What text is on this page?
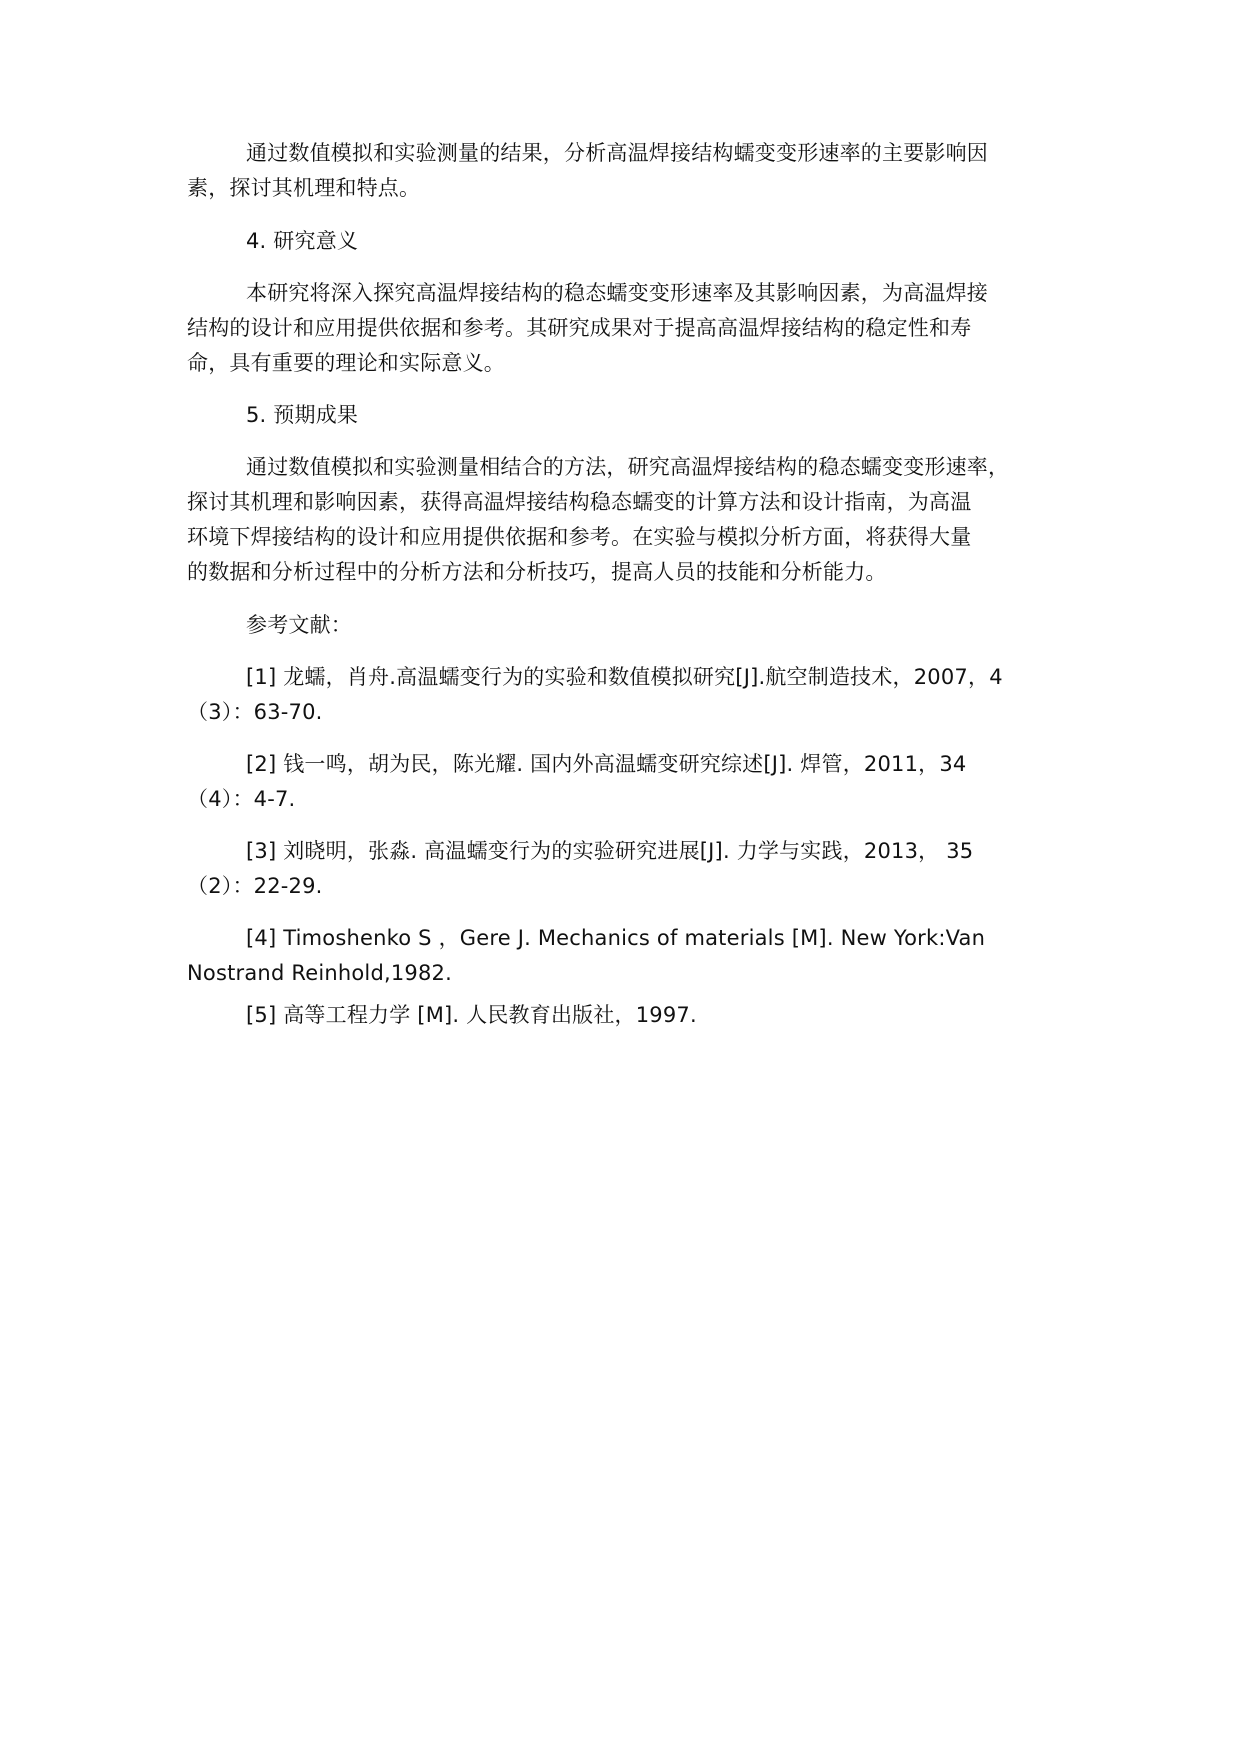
通过数值模拟和实验测量的结果，分析高温焊接结构蠕变变形速率的主要影响因
素，探讨其机理和特点。
4. 研究意义
本研究将深入探究高温焊接结构的稳态蠕变变形速率及其影响因素，为高温焊接
结构的设计和应用提供依据和参考。其研究成果对于提高高温焊接结构的稳定性和寿
命，具有重要的理论和实际意义。
5. 预期成果
通过数值模拟和实验测量相结合的方法，研究高温焊接结构的稳态蠕变变形速率，
探讨其机理和影响因素，获得高温焊接结构稳态蠕变的计算方法和设计指南，为高温
环境下焊接结构的设计和应用提供依据和参考。在实验与模拟分析方面，将获得大量
的数据和分析过程中的分析方法和分析技巧，提高人员的技能和分析能力。
参考文献：
[1] 龙蠕，肖舟.高温蠕变行为的实验和数值模拟研究[J].航空制造技术，2007，4
（3）：63-70.
[2] 钱一鸣，胡为民，陈光耀. 国内外高温蠕变研究综述[J]. 焊管，2011，34
（4）：4-7.
[3] 刘晓明，张淼. 高温蠕变行为的实验研究进展[J]. 力学与实践，2013， 35
（2）：22-29.
[4] Timoshenko S ，Gere J. Mechanics of materials [M]. New York:Van
Nostrand Reinhold,1982.
[5] 高等工程力学 [M]. 人民教育出版社，1997.
